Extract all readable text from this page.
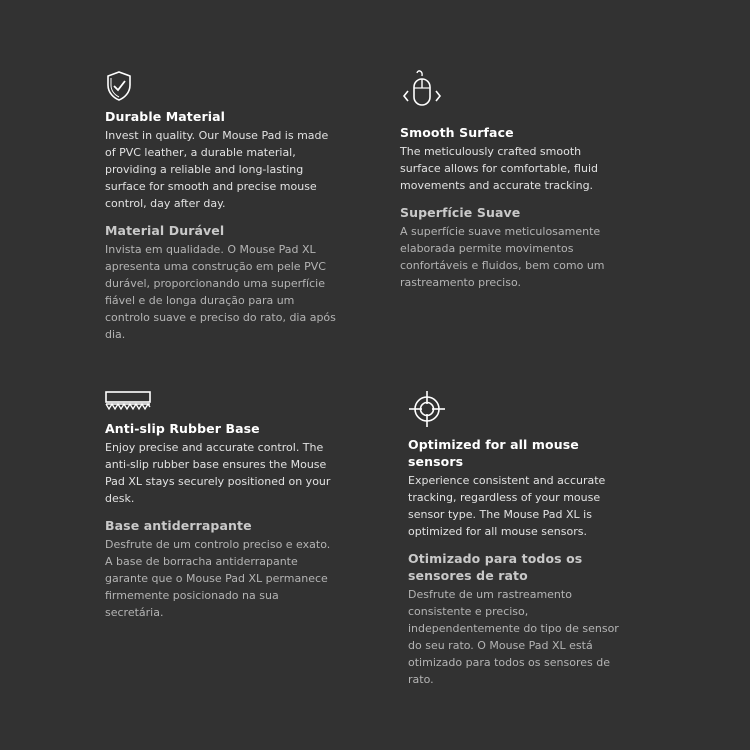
Durable Material

Invest in quality. Our Mouse Pad is made of PVC leather, a durable material, providing a reliable and long-lasting surface for smooth and precise mouse control, day after day.

Material Durável

Invista em qualidade. O Mouse Pad XL apresenta uma construção em pele PVC durável, proporcionando uma superfície fiável e de longa duração para um controlo suave e preciso do rato, dia após dia.

Smooth Surface

The meticulously crafted smooth surface allows for comfortable, fluid movements and accurate tracking.

Superfície Suave

A superfície suave meticulosamente elaborada permite movimentos confortáveis e fluidos, bem como um rastreamento preciso.

Anti-slip Rubber Base

Enjoy precise and accurate control. The anti-slip rubber base ensures the Mouse Pad XL stays securely positioned on your desk.

Base antiderrapante

Desfrute de um controlo preciso e exato. A base de borracha antiderrapante garante que o Mouse Pad XL permanece firmemente posicionado na sua secretária.

Optimized for all mouse sensors

Experience consistent and accurate tracking, regardless of your mouse sensor type. The Mouse Pad XL is optimized for all mouse sensors.

Otimizado para todos os sensores de rato

Desfrute de um rastreamento consistente e preciso, independentemente do tipo de sensor do seu rato. O Mouse Pad XL está otimizado para todos os sensores de rato.
